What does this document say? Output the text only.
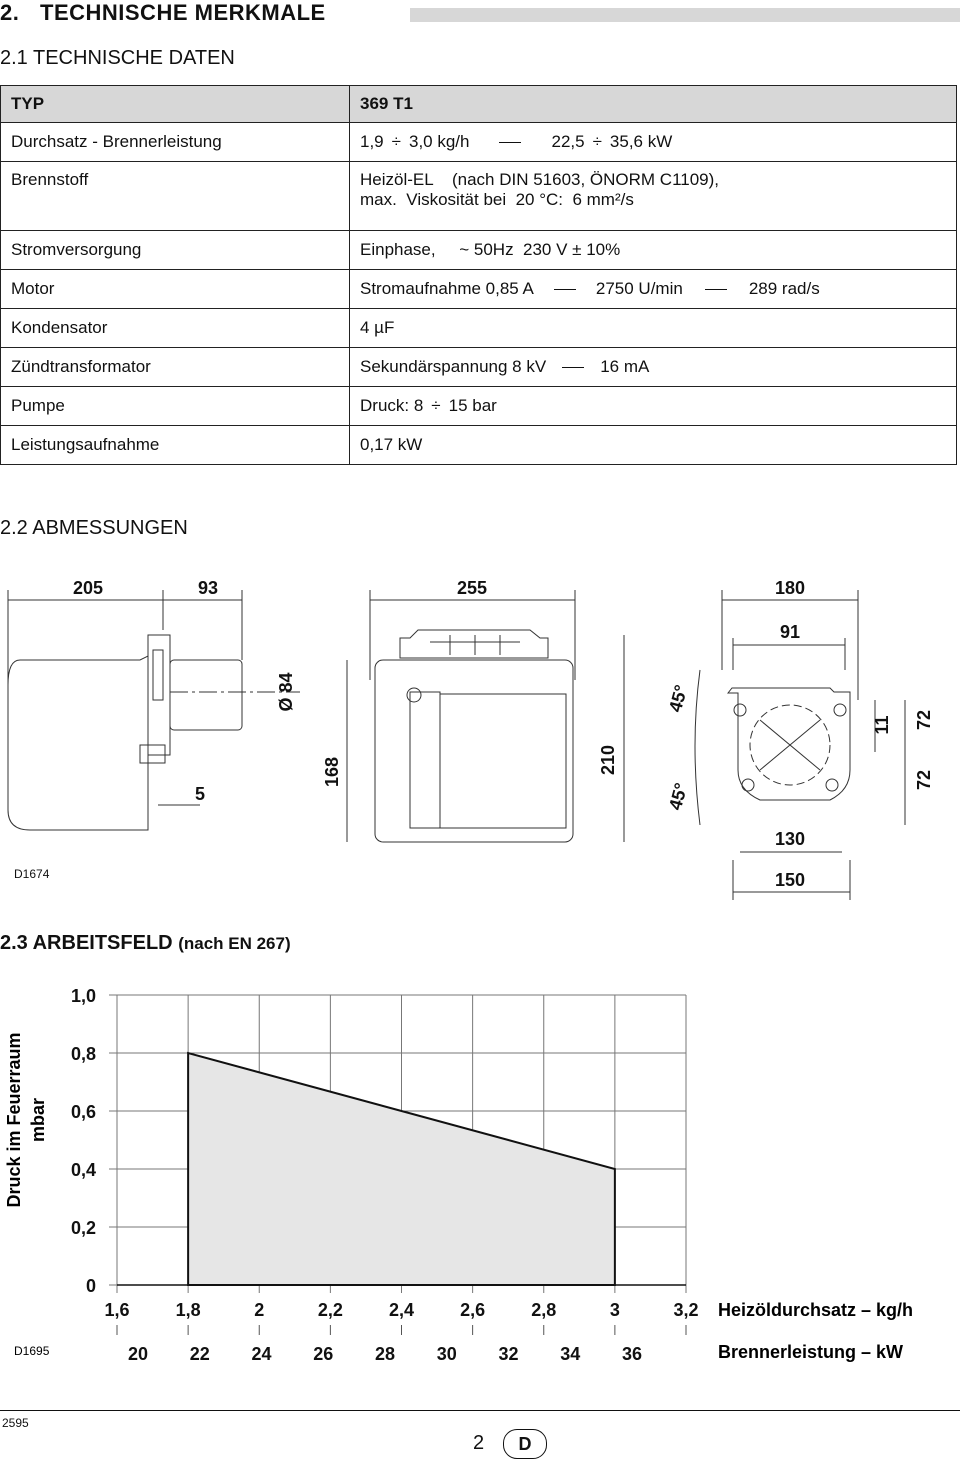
2. TECHNISCHE MERKMALE
2.1 TECHNISCHE DATEN
TYP	369 T1
Durchsatz - Brennerleistung	1,9 ÷ 3,0 kg/h 22,5 ÷ 35,6 kW
Brennstoff	Heizöl-EL    (nach DIN 51603, ÖNORM C1109),
max.  Viskosität bei  20 °C:  6 mm²/s

Stromversorgung	Einphase,     ~ 50Hz  230 V ± 10%
Motor	Stromaufnahme 0,85 A 2750 U/min 289 rad/s
Kondensator	4 µF
Zündtransformator	Sekundärspannung 8 kV 16 mA
Pumpe	Druck: 8 ÷ 15 bar
Leistungsaufnahme	0,17 kW
2.2 ABMESSUNGEN
205	93	255	180
91
Ø 84
5
168	210
45°
45°
11 72
72
130
150
D1674
2.3 ARBEITSFELD (nach EN 267)
0
0,2
0,4
0,6
0,8
1,0
1,6	1,8	2	2,2	2,4	2,6	2,8	3	3,2
20 22 24 26 28 30 32 34 36
Druck im Feuerraum mbar
Heizöldurchsatz – kg/h
Brennerleistung – kW
D1695
2595
2	D
